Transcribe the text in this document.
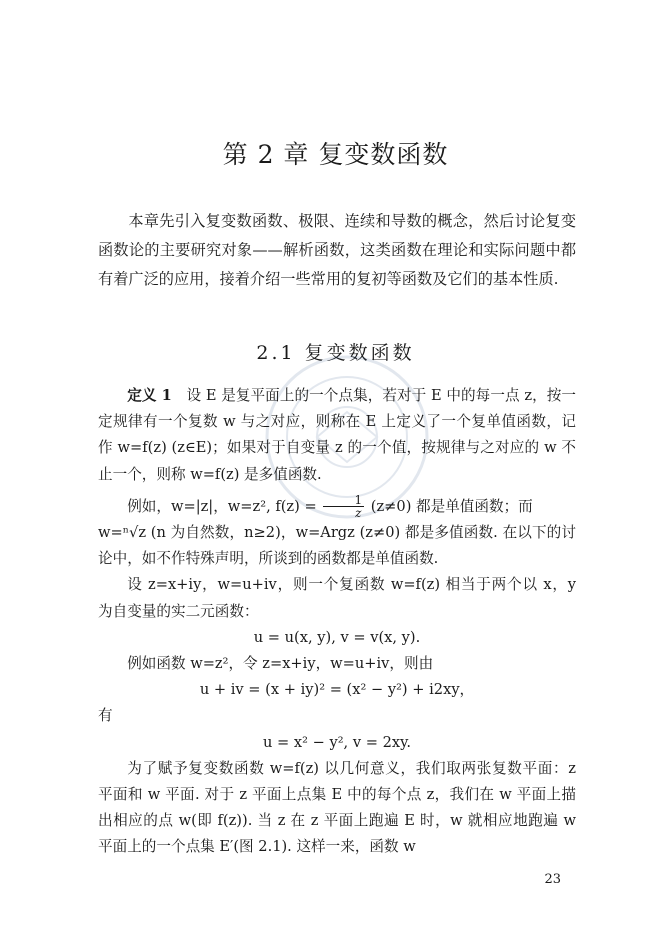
第 2 章 复变数函数

本章先引入复变数函数、极限、连续和导数的概念，然后讨论复变函数论的主要研究对象——解析函数，这类函数在理论和实际问题中都有着广泛的应用，接着介绍一些常用的复初等函数及它们的基本性质.

2.1 复变数函数

定义 1　 设 E 是复平面上的一个点集，若对于 E 中的每一点 z，按一定规律有一个复数 w 与之对应，则称在 E 上定义了一个复单值函数，记作 w=f(z) (z∈E)；如果对于自变量 z 的一个值，按规律与之对应的 w 不止一个，则称 w=f(z) 是多值函数.

例如，w=|z|，w=z², $f(z) = \frac{1}{z} (z\ne 0)$ 都是单值函数；而

w=ⁿ√z (n 为自然数，n≥2)，w=Argz (z≠0) 都是多值函数. 在以下的讨论中，如不作特殊声明，所谈到的函数都是单值函数.

设 z=x+iy，w=u+iv，则一个复函数 w=f(z) 相当于两个以 x，y 为自变量的实二元函数：

u = u(x, y), v = v(x, y).

例如函数 w=z²，令 z=x+iy，w=u+iv，则由

u + iv = (x + iy)² = (x² − y²) + i2xy，

有

u = x² − y², v = 2xy.

为了赋予复变数函数 w=f(z) 以几何意义，我们取两张复数平面：z 平面和 w 平面. 对于 z 平面上点集 E 中的每个点 z，我们在 w 平面上描出相应的点 w(即 f(z)). 当 z 在 z 平面上跑遍 E 时，w 就相应地跑遍 w 平面上的一个点集 E′(图 2.1). 这样一来，函数 w

23
